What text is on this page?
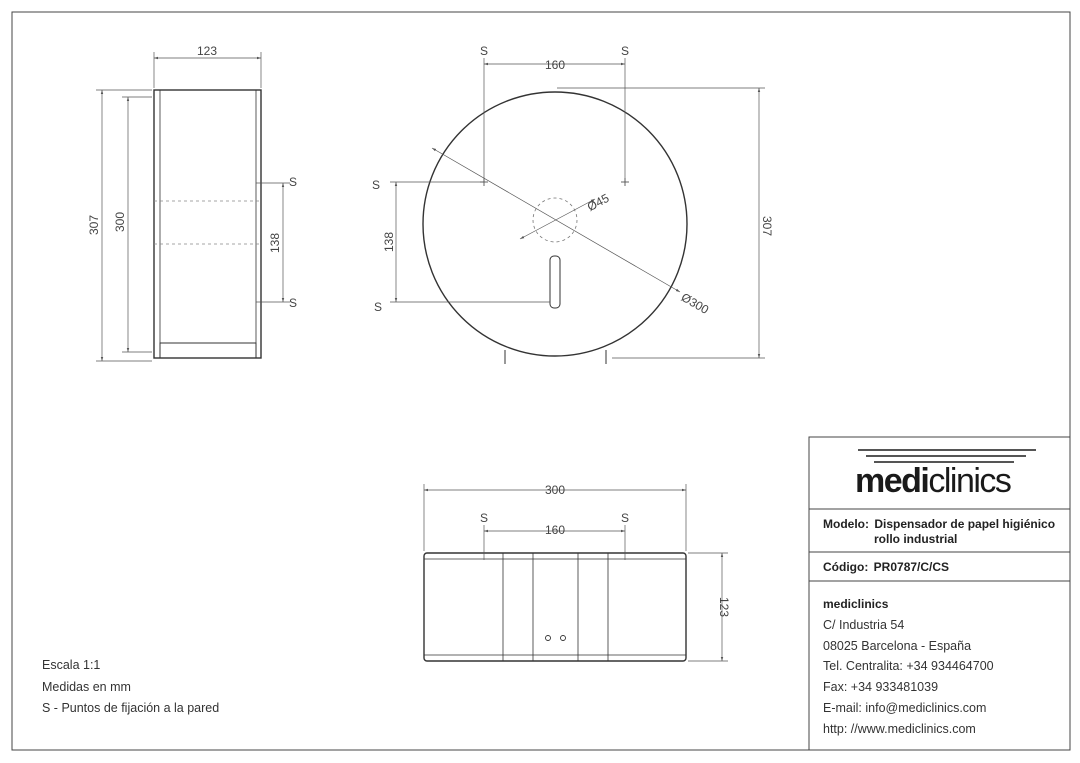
123
307 300
138
S
S
S	S
160
S
S
138
Ø45
Ø300
307
300
S	S
160
123
Escala 1:1
Medidas en mm
S - Puntos de fijación a la pared
mediclinics
Modelo: Dispensador de papel higiénico
rollo industrial
Código: PR0787/C/CS
mediclinics
C/ Industria 54
08025 Barcelona - España
Tel. Centralita: +34 934464700
Fax: +34 933481039
E-mail: info@mediclinics.com
http: //www.mediclinics.com
